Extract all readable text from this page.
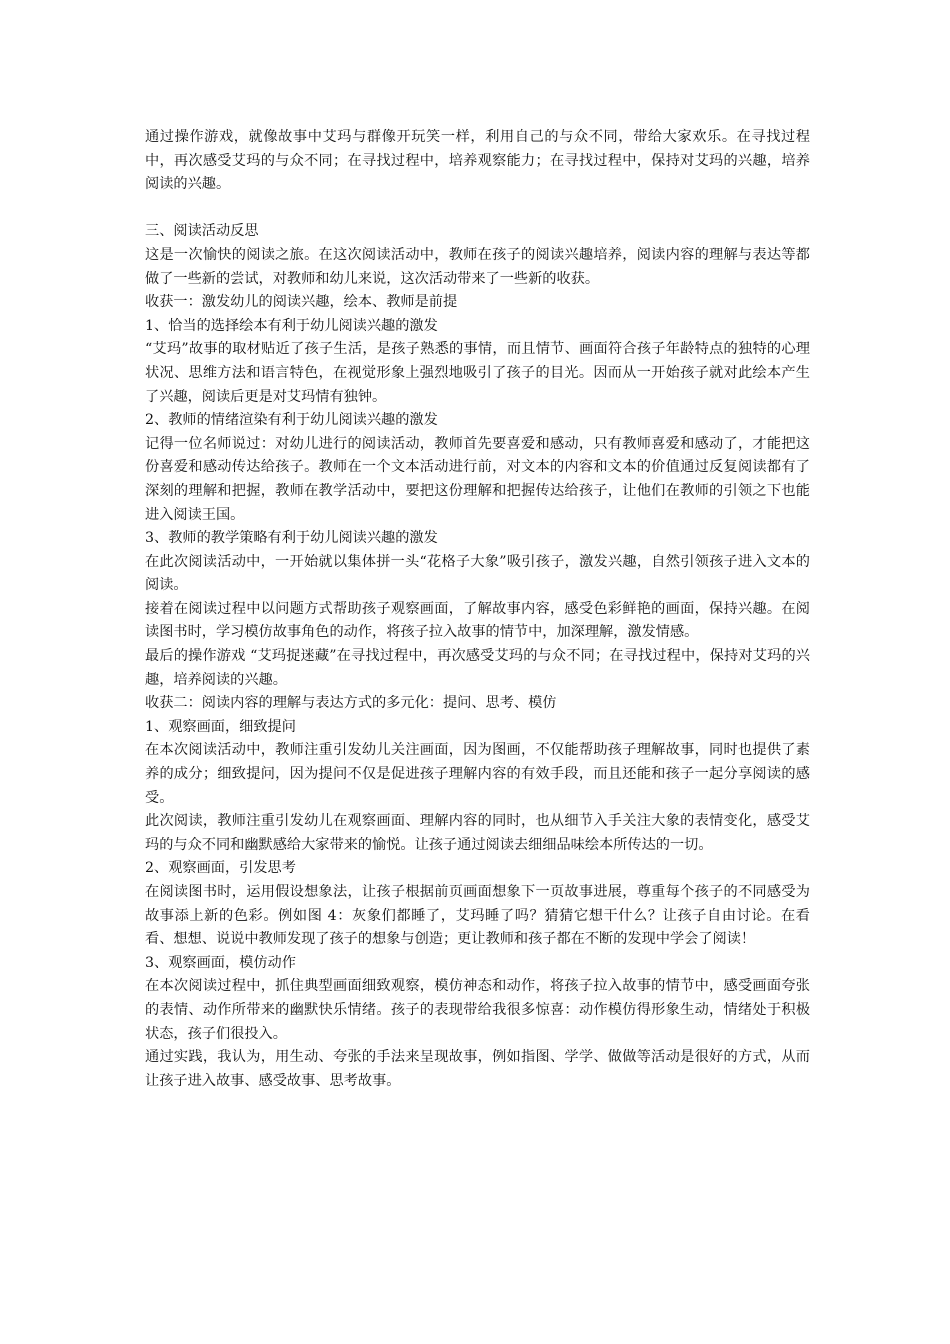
通过操作游戏，就像故事中艾玛与群像开玩笑一样，利用自己的与众不同，带给大家欢乐。在寻找过程中，再次感受艾玛的与众不同；在寻找过程中，培养观察能力；在寻找过程中，保持对艾玛的兴趣，培养阅读的兴趣。

三、阅读活动反思

这是一次愉快的阅读之旅。在这次阅读活动中，教师在孩子的阅读兴趣培养，阅读内容的理解与表达等都做了一些新的尝试，对教师和幼儿来说，这次活动带来了一些新的收获。

收获一：激发幼儿的阅读兴趣，绘本、教师是前提

1、恰当的选择绘本有利于幼儿阅读兴趣的激发

“艾玛”故事的取材贴近了孩子生活，是孩子熟悉的事情，而且情节、画面符合孩子年龄特点的独特的心理状况、思维方法和语言特色，在视觉形象上强烈地吸引了孩子的目光。因而从一开始孩子就对此绘本产生了兴趣，阅读后更是对艾玛情有独钟。

2、教师的情绪渲染有利于幼儿阅读兴趣的激发

记得一位名师说过：对幼儿进行的阅读活动，教师首先要喜爱和感动，只有教师喜爱和感动了，才能把这份喜爱和感动传达给孩子。教师在一个文本活动进行前，对文本的内容和文本的价值通过反复阅读都有了深刻的理解和把握，教师在教学活动中，要把这份理解和把握传达给孩子，让他们在教师的引领之下也能进入阅读王国。

3、教师的教学策略有利于幼儿阅读兴趣的激发

在此次阅读活动中，一开始就以集体拼一头“花格子大象”吸引孩子，激发兴趣，自然引领孩子进入文本的阅读。

接着在阅读过程中以问题方式帮助孩子观察画面，了解故事内容，感受色彩鲜艳的画面，保持兴趣。在阅读图书时，学习模仿故事角色的动作，将孩子拉入故事的情节中，加深理解，激发情感。

最后的操作游戏 “艾玛捉迷藏”在寻找过程中，再次感受艾玛的与众不同；在寻找过程中，保持对艾玛的兴趣，培养阅读的兴趣。

收获二：阅读内容的理解与表达方式的多元化：提问、思考、模仿

1、观察画面，细致提问

在本次阅读活动中，教师注重引发幼儿关注画面，因为图画，不仅能帮助孩子理解故事，同时也提供了素养的成分；细致提问，因为提问不仅是促进孩子理解内容的有效手段，而且还能和孩子一起分享阅读的感受。

此次阅读，教师注重引发幼儿在观察画面、理解内容的同时，也从细节入手关注大象的表情变化，感受艾玛的与众不同和幽默感给大家带来的愉悦。让孩子通过阅读去细细品味绘本所传达的一切。

2、观察画面，引发思考

在阅读图书时，运用假设想象法，让孩子根据前页画面想象下一页故事进展，尊重每个孩子的不同感受为故事添上新的色彩。例如图 4：灰象们都睡了，艾玛睡了吗？猜猜它想干什么？让孩子自由讨论。在看看、想想、说说中教师发现了孩子的想象与创造；更让教师和孩子都在不断的发现中学会了阅读！

3、观察画面，模仿动作

在本次阅读过程中，抓住典型画面细致观察，模仿神态和动作，将孩子拉入故事的情节中，感受画面夸张的表情、动作所带来的幽默快乐情绪。孩子的表现带给我很多惊喜：动作模仿得形象生动，情绪处于积极状态，孩子们很投入。

通过实践，我认为，用生动、夸张的手法来呈现故事，例如指图、学学、做做等活动是很好的方式，从而让孩子进入故事、感受故事、思考故事。
